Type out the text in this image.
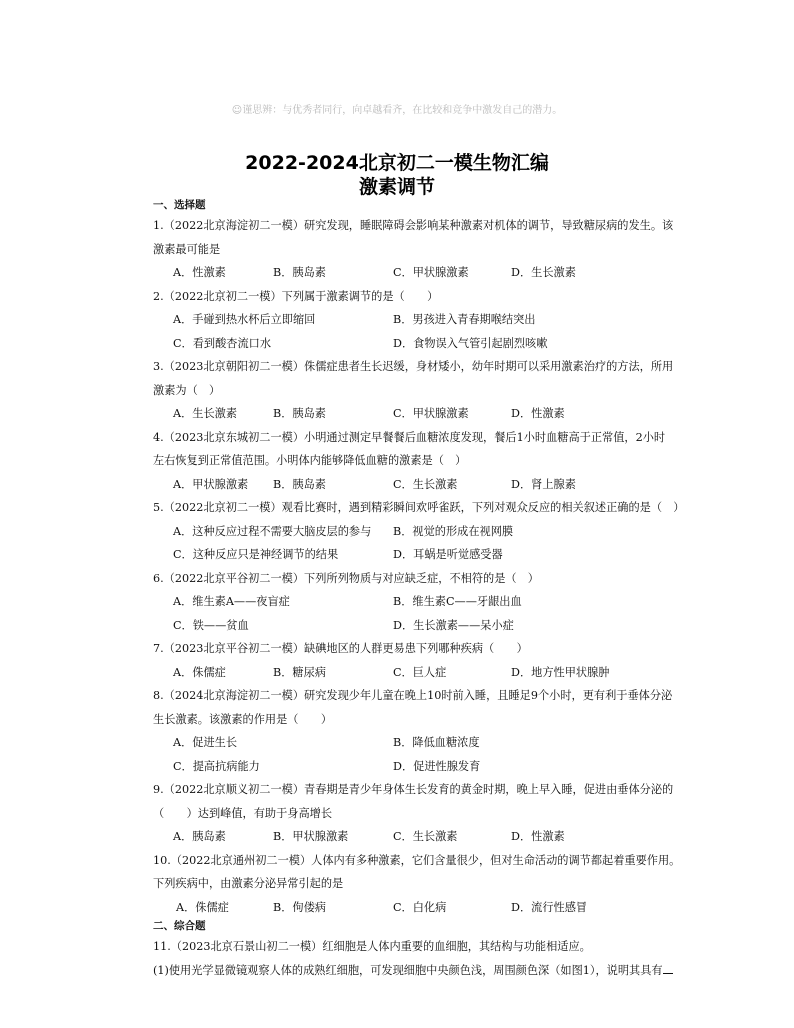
☺谨思辨：与优秀者同行，向卓越看齐，在比较和竞争中激发自己的潜力。
2022-2024北京初二一模生物汇编
激素调节
一、选择题
1.（2022北京海淀初二一模）研究发现，睡眠障碍会影响某种激素对机体的调节，导致糖尿病的发生。该
激素最可能是
A．性激素	B．胰岛素	C．甲状腺激素	D．生长激素
2.（2022北京初二一模）下列属于激素调节的是（　　）
A．手碰到热水杯后立即缩回	B．男孩进入青春期喉结突出
C．看到酸杏流口水	D．食物误入气管引起剧烈咳嗽
3.（2023北京朝阳初二一模）侏儒症患者生长迟缓，身材矮小，幼年时期可以采用激素治疗的方法，所用
激素为（　）
A．生长激素	B．胰岛素	C．甲状腺激素	D．性激素
4.（2023北京东城初二一模）小明通过测定早餐餐后血糖浓度发现，餐后1小时血糖高于正常值，2小时
左右恢复到正常值范围。小明体内能够降低血糖的激素是（　）
A．甲状腺激素 B．胰岛素	C．生长激素	D．肾上腺素
5.（2022北京初二一模）观看比赛时，遇到精彩瞬间欢呼雀跃，下列对观众反应的相关叙述正确的是（　）
A．这种反应过程不需要大脑皮层的参与 B．视觉的形成在视网膜
C．这种反应只是神经调节的结果	D．耳蜗是听觉感受器
6.（2022北京平谷初二一模）下列所列物质与对应缺乏症，不相符的是（　）
A．维生素A——夜盲症	B．维生素C——牙龈出血
C．铁——贫血	D．生长激素——呆小症
7.（2023北京平谷初二一模）缺碘地区的人群更易患下列哪种疾病（　　）
A．侏儒症	B．糖尿病	C．巨人症	D．地方性甲状腺肿
8.（2024北京海淀初二一模）研究发现少年儿童在晚上10时前入睡，且睡足9个小时，更有利于垂体分泌
生长激素。该激素的作用是（　　）
A．促进生长	B．降低血糖浓度
C．提高抗病能力	D．促进性腺发育
9.（2022北京顺义初二一模）青春期是青少年身体生长发育的黄金时期，晚上早入睡，促进由垂体分泌的
（　　）达到峰值，有助于身高增长
A．胰岛素	B．甲状腺激素	C．生长激素	D．性激素
10.（2022北京通州初二一模）人体内有多种激素，它们含量很少，但对生命活动的调节都起着重要作用。
下列疾病中，由激素分泌异常引起的是
A．侏儒症	B．佝偻病	C．白化病	D．流行性感冒
二、综合题
11.（2023北京石景山初二一模）红细胞是人体内重要的血细胞，其结构与功能相适应。
(1)使用光学显微镜观察人体的成熟红细胞，可发现细胞中央颜色浅，周围颜色深（如图1），说明其具有
